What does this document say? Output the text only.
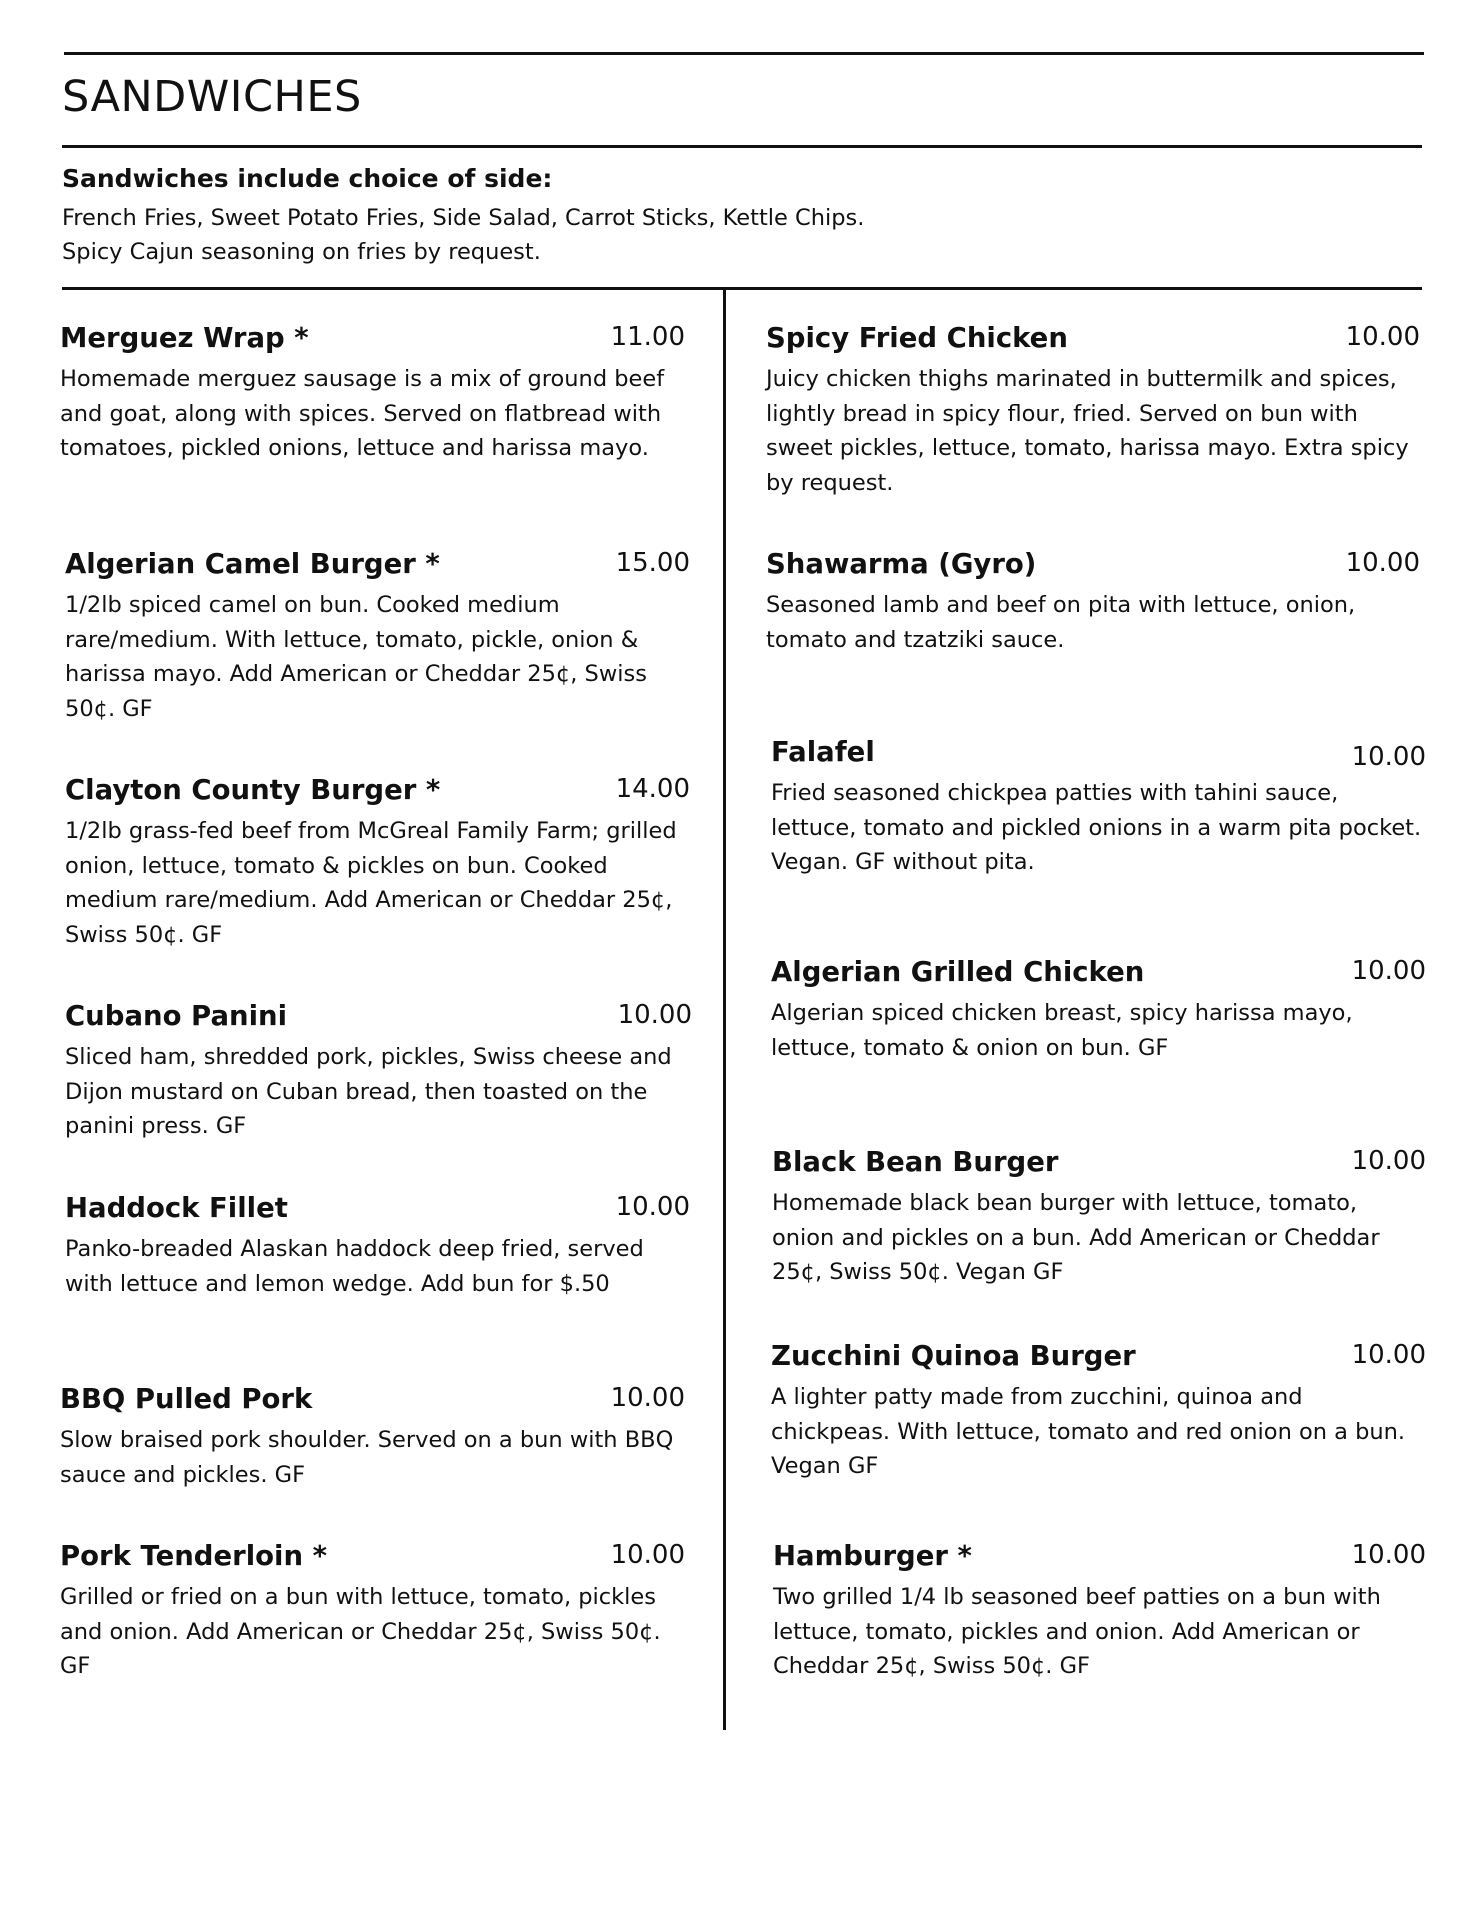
SANDWICHES

Sandwiches include choice of side:

French Fries, Sweet Potato Fries, Side Salad, Carrot Sticks, Kettle Chips.

Spicy Cajun seasoning on fries by request.

Merguez Wrap *	11.00

Homemade merguez sausage is a mix of ground beef and goat, along with spices. Served on flatbread with tomatoes, pickled onions, lettuce and harissa mayo.

Algerian Camel Burger *	15.00

1/2lb spiced camel on bun. Cooked medium rare/medium. With lettuce, tomato, pickle, onion & harissa mayo. Add American or Cheddar 25¢, Swiss 50¢. GF

Clayton County Burger *	14.00

1/2lb grass-fed beef from McGreal Family Farm; grilled onion, lettuce, tomato & pickles on bun. Cooked medium rare/medium. Add American or Cheddar 25¢, Swiss 50¢. GF

Cubano Panini	10.00

Sliced ham, shredded pork, pickles, Swiss cheese and Dijon mustard on Cuban bread, then toasted on the panini press. GF

Haddock Fillet	10.00

Panko-breaded Alaskan haddock deep fried, served with lettuce and lemon wedge. Add bun for $.50

BBQ Pulled Pork	10.00

Slow braised pork shoulder. Served on a bun with BBQ sauce and pickles. GF

Pork Tenderloin *	10.00

Grilled or fried on a bun with lettuce, tomato, pickles and onion. Add American or Cheddar 25¢, Swiss 50¢. GF

Spicy Fried Chicken	10.00

Juicy chicken thighs marinated in buttermilk and spices, lightly bread in spicy flour, fried. Served on bun with sweet pickles, lettuce, tomato, harissa mayo. Extra spicy by request.

Shawarma (Gyro)	10.00

Seasoned lamb and beef on pita with lettuce, onion, tomato and tzatziki sauce.

Falafel	10.00

Fried seasoned chickpea patties with tahini sauce, lettuce, tomato and pickled onions in a warm pita pocket. Vegan. GF without pita.

Algerian Grilled Chicken	10.00

Algerian spiced chicken breast, spicy harissa mayo, lettuce, tomato & onion on bun. GF

Black Bean Burger	10.00

Homemade black bean burger with lettuce, tomato, onion and pickles on a bun. Add American or Cheddar 25¢, Swiss 50¢. Vegan GF

Zucchini Quinoa Burger	10.00

A lighter patty made from zucchini, quinoa and chickpeas. With lettuce, tomato and red onion on a bun. Vegan GF

Hamburger *	10.00

Two grilled 1/4 lb seasoned beef patties on a bun with lettuce, tomato, pickles and onion. Add American or Cheddar 25¢, Swiss 50¢. GF
